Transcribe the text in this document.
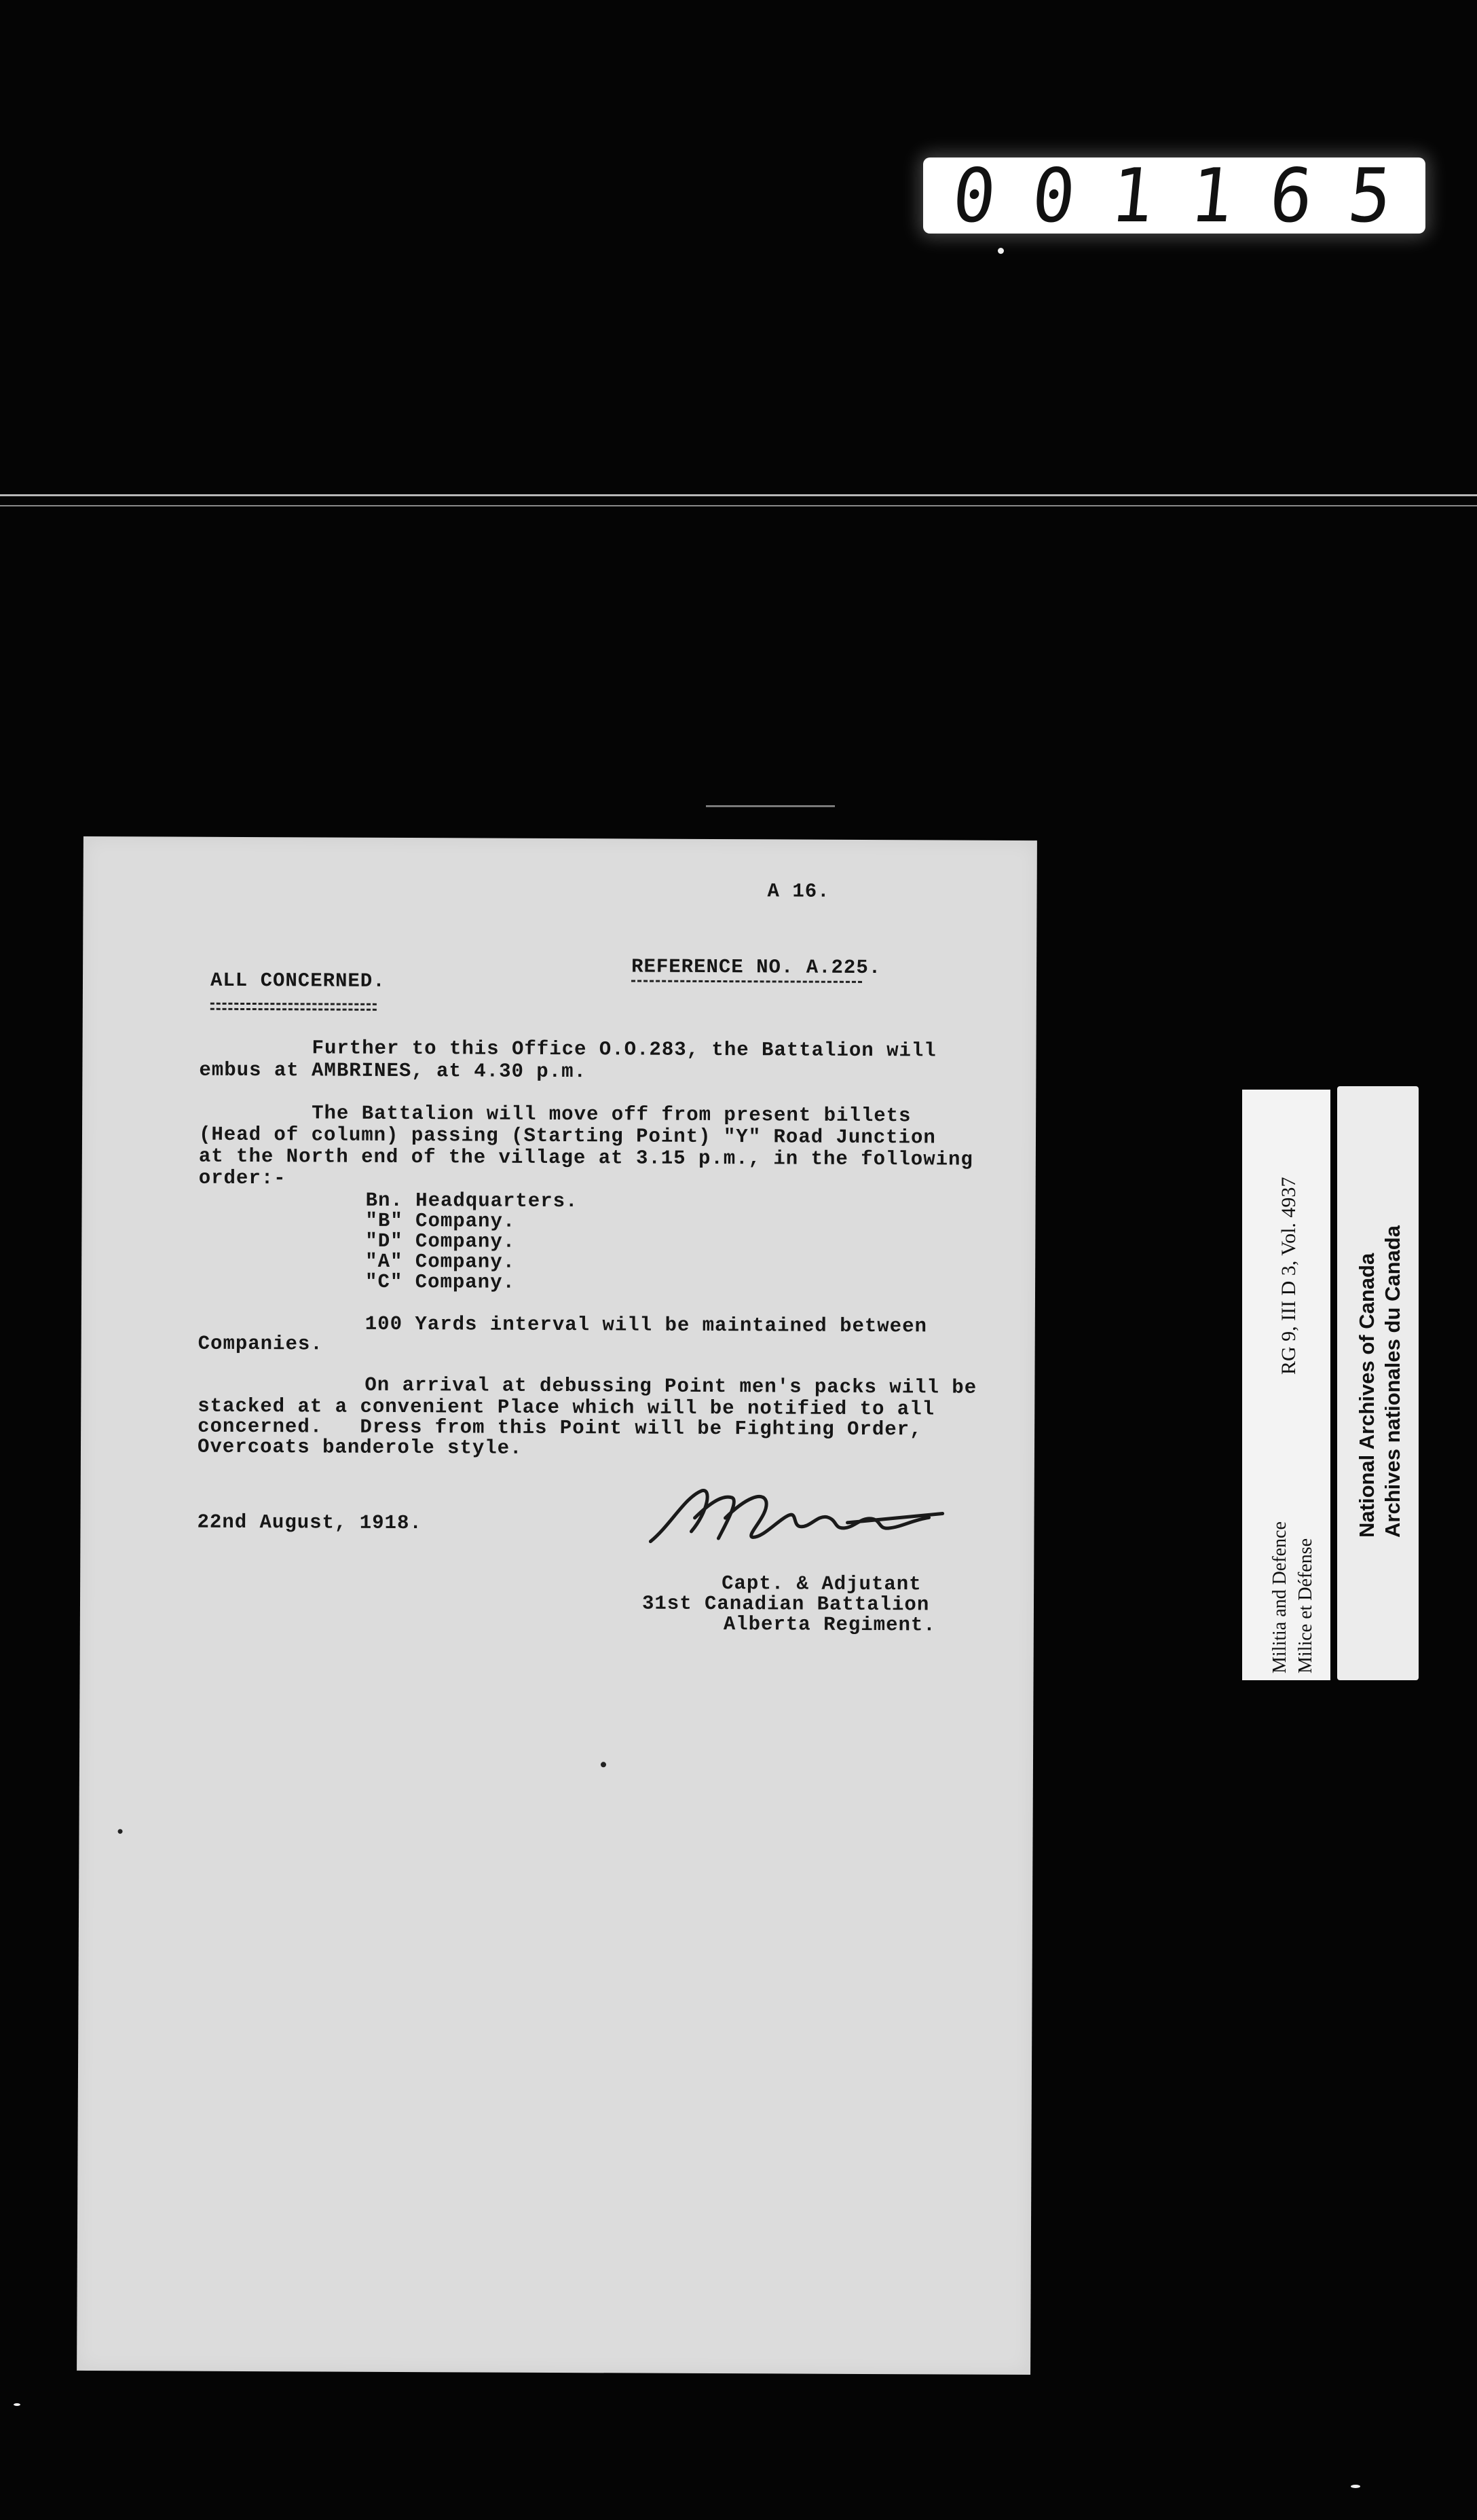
0 0 1 1 6 5
A 16.
REFERENCE NO. A.225.
ALL CONCERNED.
Further to this Office O.O.283, the Battalion will
embus at AMBRINES, at 4.30 p.m.
The Battalion will move off from present billets
(Head of column) passing (Starting Point) "Y" Road Junction
at the North end of the village at 3.15 p.m., in the following
order:-
Bn. Headquarters.
"B" Company.
"D" Company.
"A" Company.
"C" Company.
100 Yards interval will be maintained between
Companies.
On arrival at debussing Point men's packs will be
stacked at a convenient Place which will be notified to all
concerned.   Dress from this Point will be Fighting Order,
Overcoats banderole style.
22nd August, 1918.
Capt. & Adjutant
31st Canadian Battalion
Alberta Regiment.
RG 9, III D 3, Vol. 4937
Militia and Defence Milice et Défense
National Archives of Canada Archives nationales du Canada
